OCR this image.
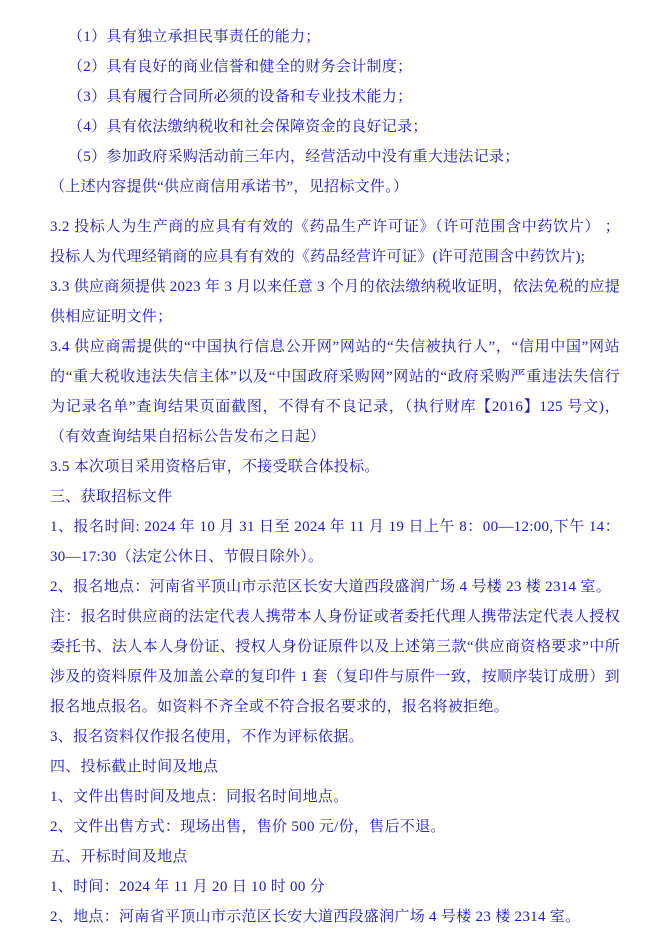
（1）具有独立承担民事责任的能力；

（2）具有良好的商业信誉和健全的财务会计制度；

（3）具有履行合同所必须的设备和专业技术能力；

（4）具有依法缴纳税收和社会保障资金的良好记录；

（5）参加政府采购活动前三年内，经营活动中没有重大违法记录；

（上述内容提供“供应商信用承诺书”，见招标文件。）

3.2 投标人为生产商的应具有有效的《药品生产许可证》（许可范围含中药饮片） ； 投标人为代理经销商的应具有有效的《药品经营许可证》(许可范围含中药饮片);

3.3 供应商须提供 2023 年 3 月以来任意 3 个月的依法缴纳税收证明，依法免税的应提供相应证明文件；

3.4 供应商需提供的“中国执行信息公开网”网站的“失信被执行人”，“信用中国”网站的“重大税收违法失信主体”以及“中国政府采购网”网站的“政府采购严重违法失信行为记录名单”查询结果页面截图，不得有不良记录，（执行财库【2016】125 号文)，（有效查询结果自招标公告发布之日起）

3.5 本次项目采用资格后审，不接受联合体投标。

三、获取招标文件

1、报名时间: 2024 年 10 月 31 日至 2024 年 11 月 19 日上午 8：00—12:00,下午 14：30—17:30（法定公休日、节假日除外）。

2、报名地点：河南省平顶山市示范区长安大道西段盛润广场 4 号楼 23 楼 2314 室。

注：报名时供应商的法定代表人携带本人身份证或者委托代理人携带法定代表人授权委托书、法人本人身份证、授权人身份证原件以及上述第三款“供应商资格要求”中所涉及的资料原件及加盖公章的复印件 1 套（复印件与原件一致，按顺序装订成册）到报名地点报名。如资料不齐全或不符合报名要求的，报名将被拒绝。

3、报名资料仅作报名使用，不作为评标依据。

四、投标截止时间及地点

1、文件出售时间及地点：同报名时间地点。

2、文件出售方式：现场出售，售价 500 元/份，售后不退。

五、开标时间及地点

1、时间：2024 年 11 月 20 日 10 时 00 分

2、地点：河南省平顶山市示范区长安大道西段盛润广场 4 号楼 23 楼 2314 室。
